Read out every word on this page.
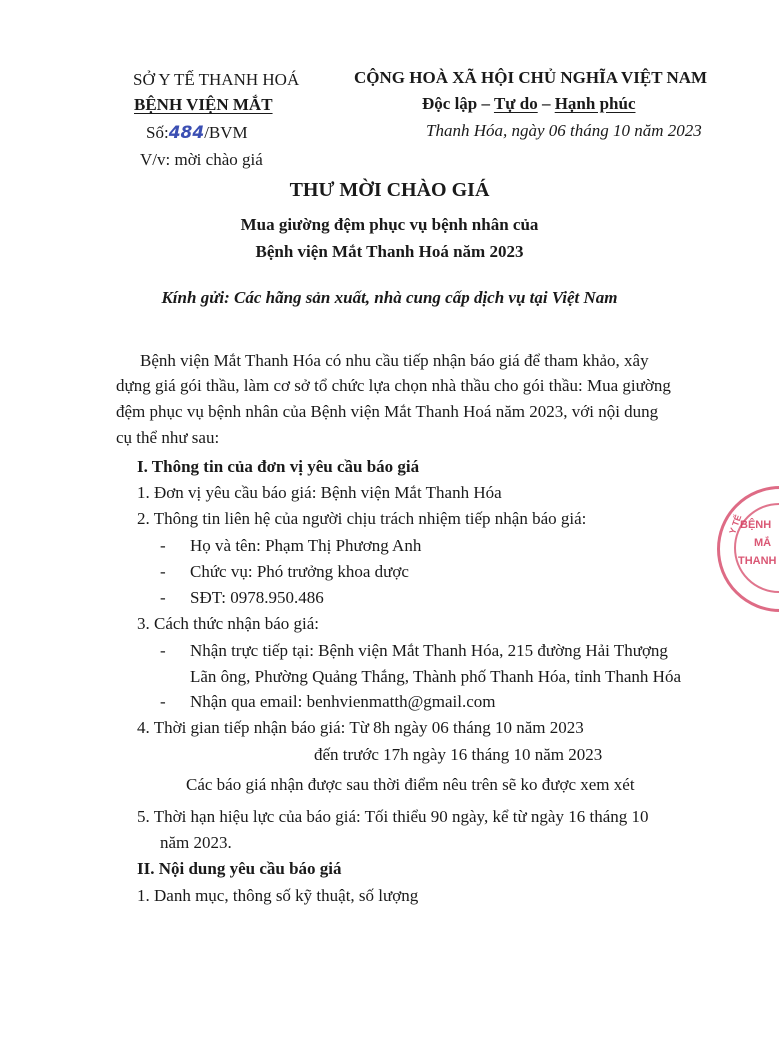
SỞ Y TẾ THANH HOÁ
BỆNH VIỆN MẮT
Số:484/BVM
V/v: mời chào giá
CỘNG HOÀ XÃ HỘI CHỦ NGHĨA VIỆT NAM
Độc lập – Tự do – Hạnh phúc
Thanh Hóa, ngày 06 tháng 10 năm 2023
THƯ MỜI CHÀO GIÁ
Mua giường đệm phục vụ bệnh nhân của
Bệnh viện Mắt Thanh Hoá năm 2023
Kính gửi: Các hãng sản xuất, nhà cung cấp dịch vụ tại Việt Nam
Bệnh viện Mắt Thanh Hóa có nhu cầu tiếp nhận báo giá để tham khảo, xây
dựng giá gói thầu, làm cơ sở tổ chức lựa chọn nhà thầu cho gói thầu: Mua giường
đệm phục vụ bệnh nhân của Bệnh viện Mắt Thanh Hoá năm 2023, với nội dung
cụ thể như sau:
I. Thông tin của đơn vị yêu cầu báo giá
1. Đơn vị yêu cầu báo giá: Bệnh viện Mắt Thanh Hóa
2. Thông tin liên hệ của người chịu trách nhiệm tiếp nhận báo giá:
- Họ và tên: Phạm Thị Phương Anh
- Chức vụ: Phó trưởng khoa dược
- SĐT: 0978.950.486
3. Cách thức nhận báo giá:
- Nhận trực tiếp tại: Bệnh viện Mắt Thanh Hóa, 215 đường Hải Thượng
Lãn ông, Phường Quảng Thắng, Thành phố Thanh Hóa, tỉnh Thanh Hóa
- Nhận qua email: benhvienmatth@gmail.com
4. Thời gian tiếp nhận báo giá: Từ 8h ngày 06 tháng 10 năm 2023
đến trước 17h ngày 16 tháng 10 năm 2023
Các báo giá nhận được sau thời điểm nêu trên sẽ ko được xem xét
5. Thời hạn hiệu lực của báo giá: Tối thiểu 90 ngày, kể từ ngày 16 tháng 10
năm 2023.
II. Nội dung yêu cầu báo giá
1. Danh mục, thông số kỹ thuật, số lượng
Y TẾ
BỆNH
MẮ
THANH
